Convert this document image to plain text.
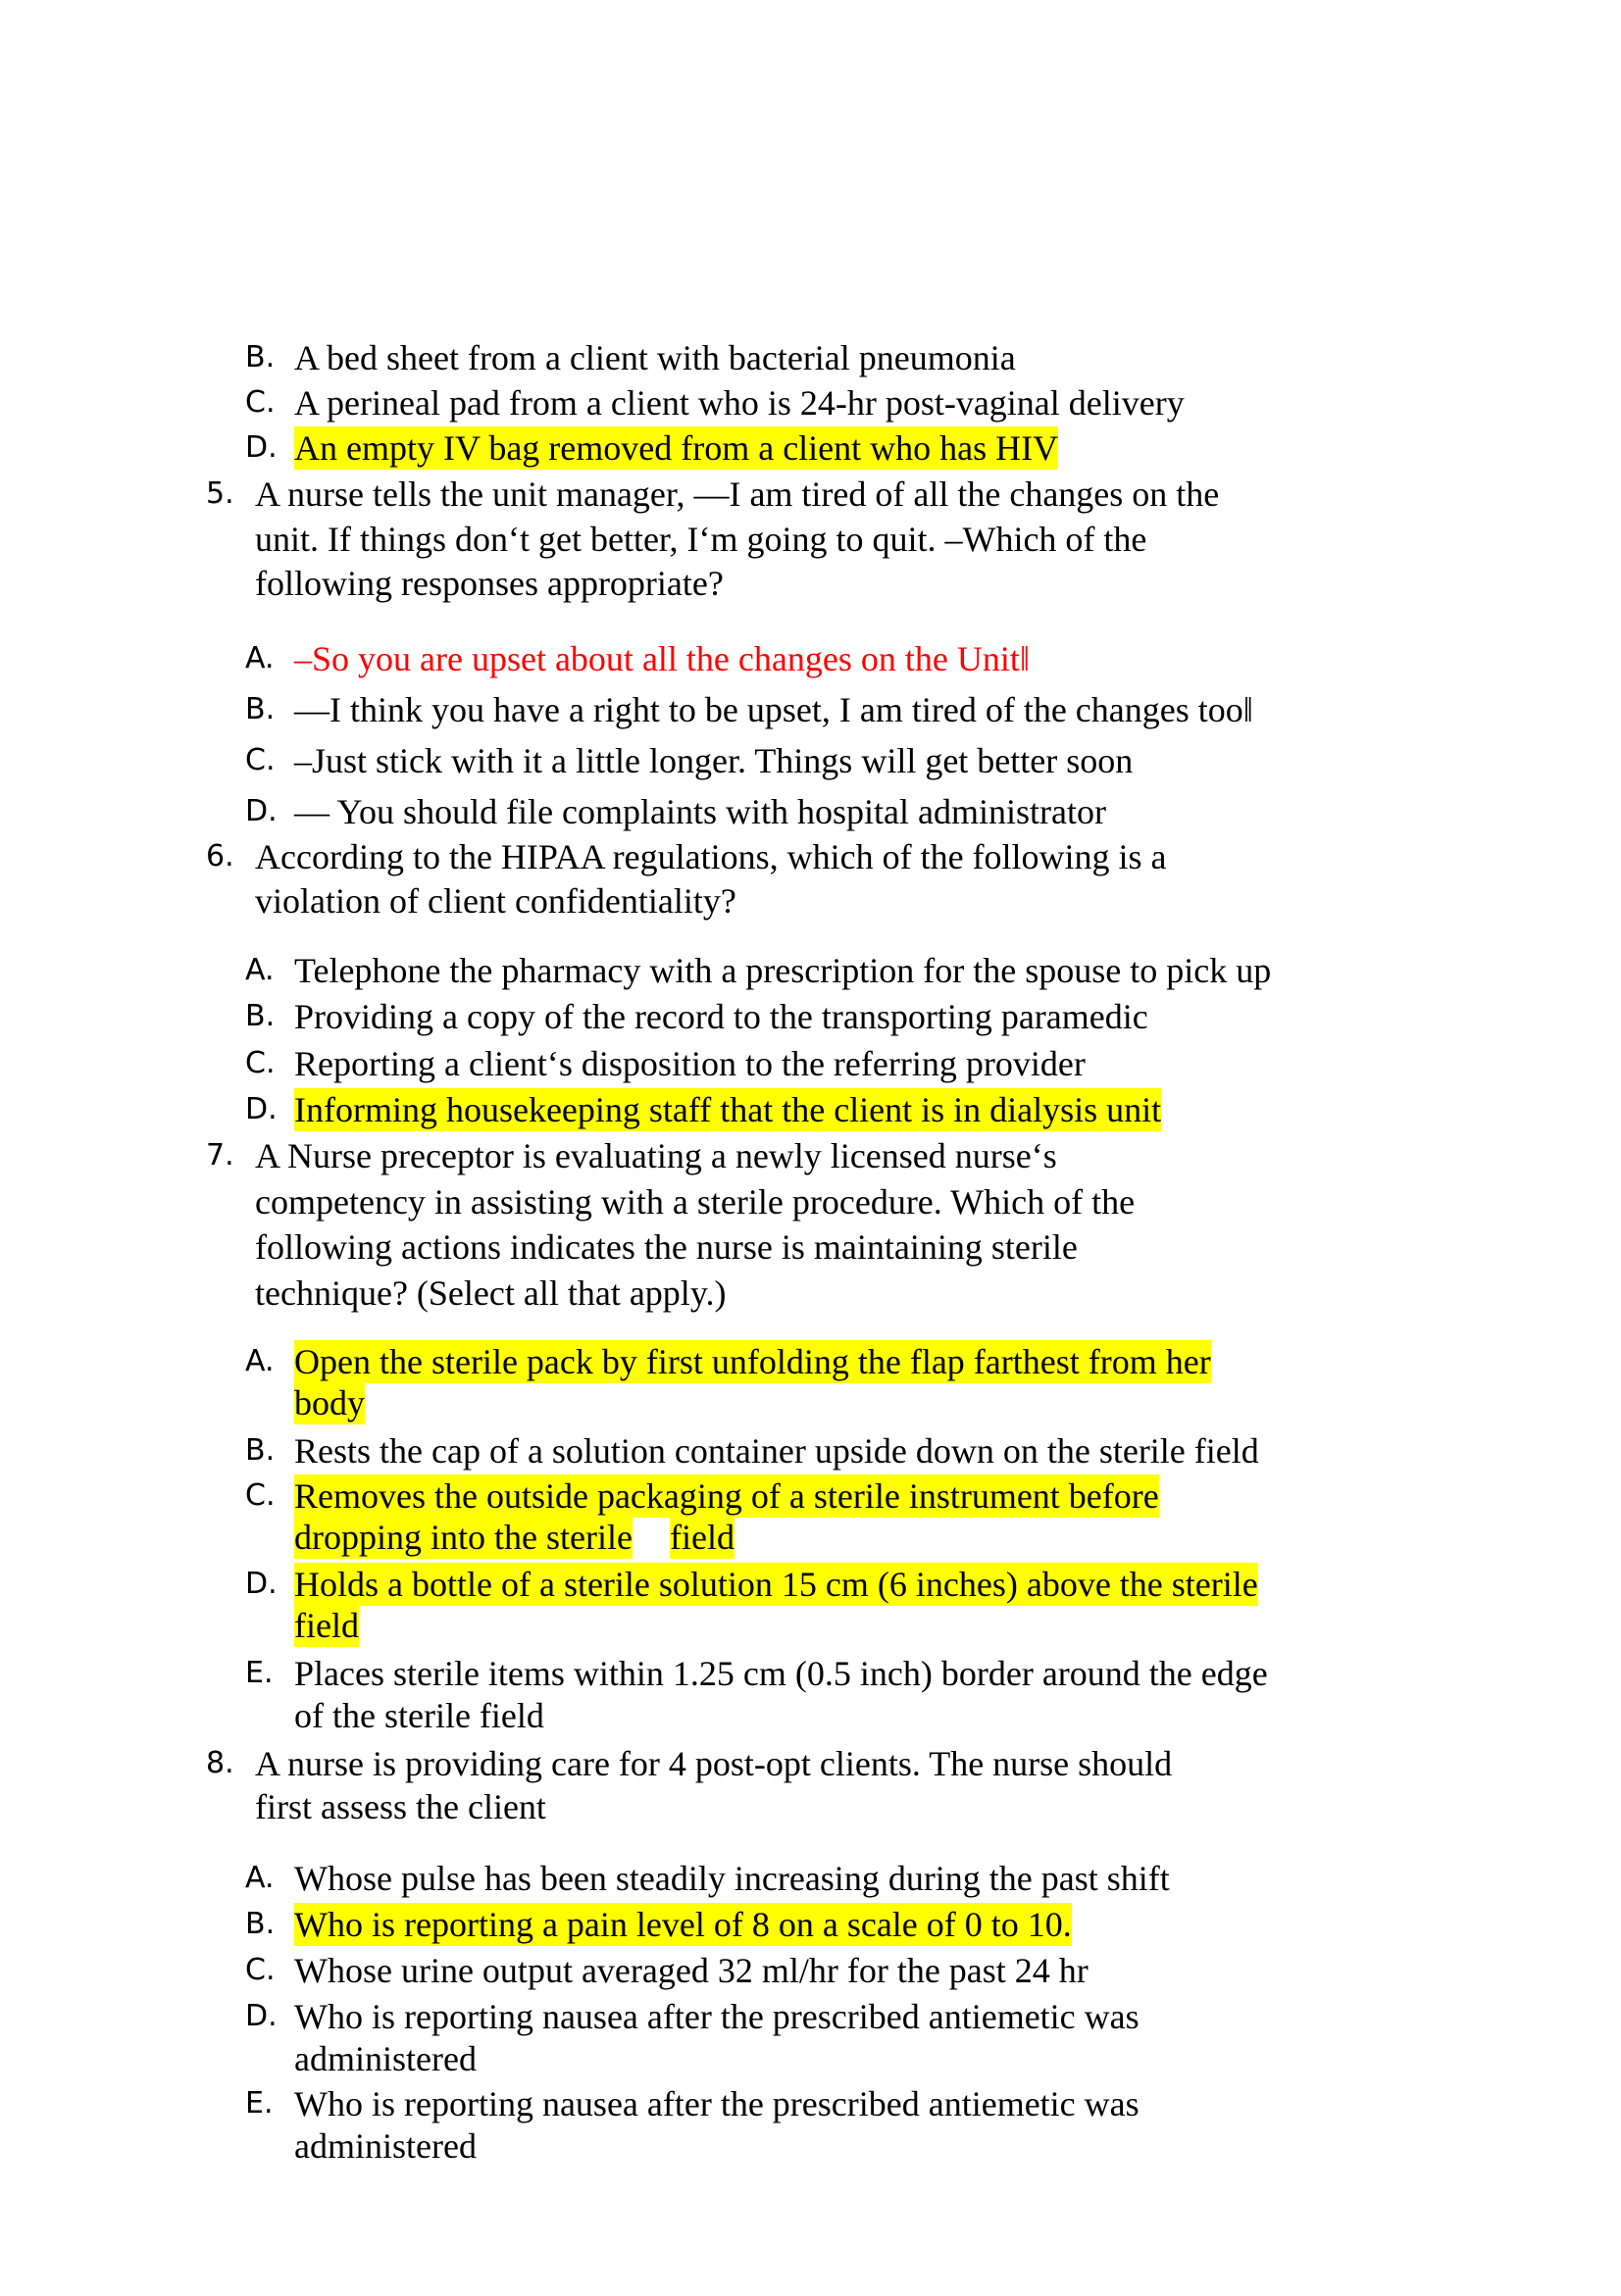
B. A bed sheet from a client with bacterial pneumonia
C. A perineal pad from a client who is 24-hr post-vaginal delivery
D. An empty IV bag removed from a client who has HIV
5. A nurse tells the unit manager, —I am tired of all the changes on the
unit. If things don‘t get better, I‘m going to quit. –Which of the
following responses appropriate?
A. –So you are upset about all the changes on the Unit‖
B. —I think you have a right to be upset, I am tired of the changes too‖
C. –Just stick with it a little longer. Things will get better soon
D. — You should file complaints with hospital administrator
6. According to the HIPAA regulations, which of the following is a
violation of client confidentiality?
A. Telephone the pharmacy with a prescription for the spouse to pick up
B. Providing a copy of the record to the transporting paramedic
C. Reporting a client‘s disposition to the referring provider
D. Informing housekeeping staff that the client is in dialysis unit
7. A Nurse preceptor is evaluating a newly licensed nurse‘s
competency in assisting with a sterile procedure. Which of the
following actions indicates the nurse is maintaining sterile
technique? (Select all that apply.)
A. Open the sterile pack by first unfolding the flap farthest from her
body
B. Rests the cap of a solution container upside down on the sterile field
C. Removes the outside packaging of a sterile instrument before
dropping into the sterile field
D. Holds a bottle of a sterile solution 15 cm (6 inches) above the sterile
field
E. Places sterile items within 1.25 cm (0.5 inch) border around the edge
of the sterile field
8. A nurse is providing care for 4 post-opt clients. The nurse should
first assess the client
A. Whose pulse has been steadily increasing during the past shift
B. Who is reporting a pain level of 8 on a scale of 0 to 10.
C. Whose urine output averaged 32 ml/hr for the past 24 hr
D. Who is reporting nausea after the prescribed antiemetic was
administered
E. Who is reporting nausea after the prescribed antiemetic was
administered
